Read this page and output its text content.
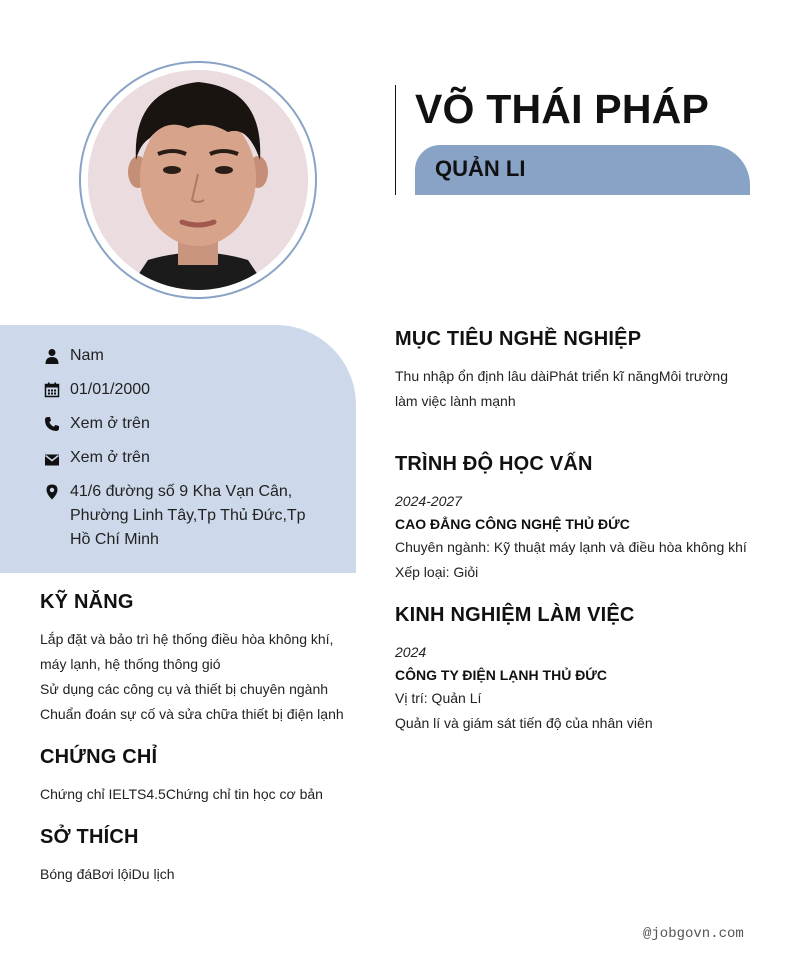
VÕ THÁI PHÁP
QUẢN LI
Nam
01/01/2000
Xem ở trên
Xem ở trên
41/6 đường số 9 Kha Vạn Cân,
Phường Linh Tây,Tp Thủ Đức,Tp
Hồ Chí Minh
KỸ NĂNG
Lắp đặt và bảo trì hệ thống điều hòa không khí,
máy lạnh, hệ thống thông gió
Sử dụng các công cụ và thiết bị chuyên ngành
Chuẩn đoán sự cố và sửa chữa thiết bị điện lạnh
CHỨNG CHỈ
Chứng chỉ IELTS4.5Chứng chỉ tin học cơ bản
SỞ THÍCH
Bóng đáBơi lộiDu lịch
MỤC TIÊU NGHỀ NGHIỆP
Thu nhập ổn định lâu dàiPhát triển kĩ năngMôi trường
làm việc lành mạnh
TRÌNH ĐỘ HỌC VẤN
2024-2027
CAO ĐẲNG CÔNG NGHỆ THỦ ĐỨC
Chuyên ngành: Kỹ thuật máy lạnh và điều hòa không khí
Xếp loại: Giỏi
KINH NGHIỆM LÀM VIỆC
2024
CÔNG TY ĐIỆN LẠNH THỦ ĐỨC
Vị trí: Quản Lí
Quản lí và giám sát tiến độ của nhân viên
@jobgovn.com
